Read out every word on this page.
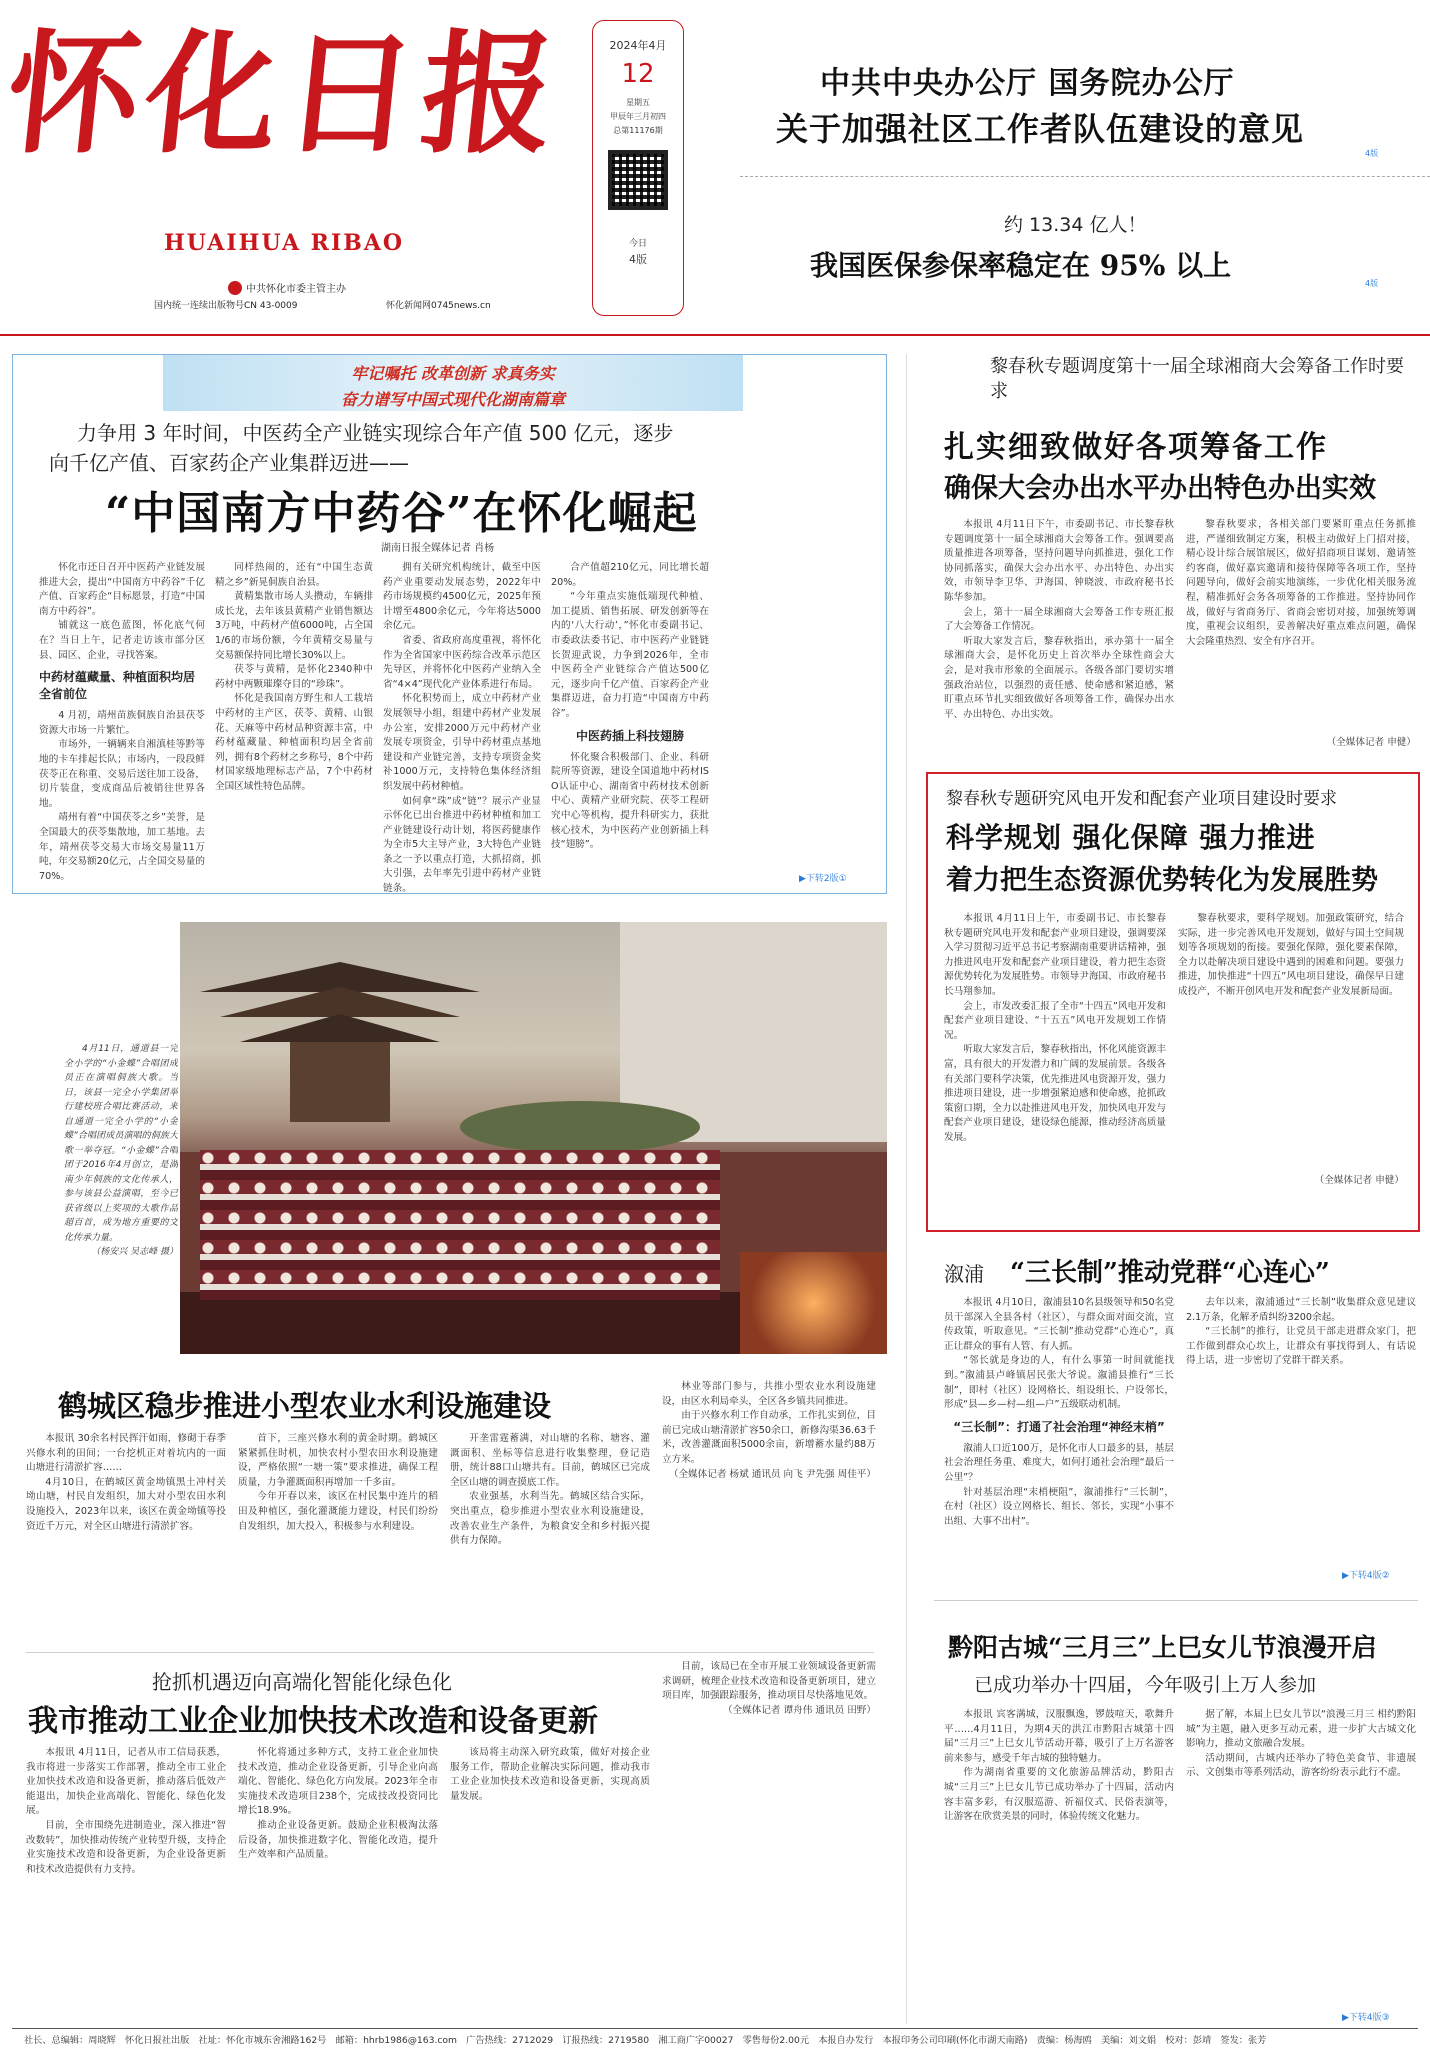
怀化日报
HUAIHUA RIBAO
中共怀化市委主管主办
国内统一连续出版物号CN 43-0009	怀化新闻网0745news.cn
2024年4月
12
星期五
甲辰年三月初四
总第11176期
今日
4版
中共中央办公厅 国务院办公厅
关于加强社区工作者队伍建设的意见
4版
约 13.34 亿人！
我国医保参保率稳定在 95% 以上
4版
牢记嘱托 改革创新 求真务实
奋力谱写中国式现代化湖南篇章
力争用 3 年时间，中医药全产业链实现综合年产值 500 亿元，逐步
向千亿产值、百家药企产业集群迈进——
“中国南方中药谷”在怀化崛起
湖南日报全媒体记者 肖杨

怀化市还日召开中医药产业链发展推进大会，提出“中国南方中药谷”千亿产值、百家药企“目标愿景，打造“中国南方中药谷”。

铺就这一底色蓝图，怀化底气何在？当日上午，记者走访该市部分区县、园区、企业，寻找答案。

中药材蕴藏量、种植面积均居全省前位

4 月初，靖州苗族侗族自治县茯苓资源大市场一片繁忙。

市场外，一辆辆来自湘滇桂等黔等地的卡车排起长队；市场内，一段段鲜茯苓正在称重、交易后送往加工设备，切片装盘，变成商品后被销往世界各地。

靖州有着“中国茯苓之乡”美誉，是全国最大的茯苓集散地，加工基地。去年，靖州茯苓交易大市场交易量11万吨，年交易额20亿元，占全国交易量的70%。

同样热闹的，还有“中国生态黄精之乡”新晃侗族自治县。

黄精集散市场人头攒动，车辆排成长龙，去年该县黄精产业销售额达3万吨，中药材产值6000吨，占全国1/6的市场份额，今年黄精交易量与交易额保持同比增长30%以上。

茯苓与黄精，是怀化2340种中药材中两颗璀璨夺目的“珍珠”。

怀化是我国南方野生和人工栽培中药材的主产区，茯苓、黄精、山银花、天麻等中药材品种资源丰富，中药材蕴藏量、种植面积均居全省前列，拥有8个药材之乡称号，8个中药材国家级地理标志产品，7个中药材全国区域性特色品牌。

拥有关研究机构统计，截至中医药产业重要动发展态势，2022年中药市场规模约4500亿元，2025年预计增至4800余亿元，今年将达5000余亿元。

省委、省政府高度重视，将怀化作为全省国家中医药综合改革示范区先导区，并将怀化中医药产业纳入全省“4×4”现代化产业体系进行布局。

怀化积势而上，成立中药材产业发展领导小组，组建中药材产业发展办公室，安排2000万元中药材产业发展专项资金，引导中药材重点基地建设和产业链完善，支持专项资金奖补1000万元，支持特色集体经济组织发展中药材种植。

如何拿“珠”成“链”？展示产业显示怀化已出台推进中药材种植和加工产业链建设行动计划，将医药健康作为全市5大主导产业，3大特色产业链条之一予以重点打造，大抓招商，抓大引强，去年率先引进中药材产业链链条。

合产值超210亿元，同比增长超20%。

“今年重点实施低端现代种植、加工提质、销售拓展、研发创新等在内的‘八大行动’，”怀化市委副书记、市委政法委书记、市中医药产业链链长贺迎武说，力争到2026年，全市中医药全产业链综合产值达500亿元，逐步向千亿产值、百家药企产业集群迈进，奋力打造“中国南方中药谷”。

中医药插上科技翅膀

怀化聚合积极部门、企业、科研院所等资源，建设全国道地中药材ISO认证中心、湖南省中药材技术创新中心、黄精产业研究院、茯苓工程研究中心等机构，提升科研实力，获批核心技术，为中医药产业创新插上科技“翅膀”。

▶下转2版①

4月11日，通道县一完全小学的“小金蝶”合唱团成员正在演唱侗族大歌。当日，该县一完全小学集团举行建校班合唱比赛活动，来自通道一完全小学的“小金蝶”合唱团成员演唱的侗族大歌一举夺冠。“小金蝶”合唱团于2016年4月创立，是湖南少年侗族的文化传承人，参与该县公益演唱，至今已获省级以上奖项的大歌作品超百首，成为地方重要的文化传承力量。

（杨安兴 吴志峰 摄）

黎春秋专题调度第十一届全球湘商大会筹备工作时要求
扎实细致做好各项筹备工作
确保大会办出水平办出特色办出实效

本报讯 4月11日下午，市委副书记、市长黎春秋专题调度第十一届全球湘商大会筹备工作。强调要高质量推进各项筹备，坚持问题导向抓推进，强化工作协同抓落实，确保大会办出水平、办出特色、办出实效，市领导李卫华、尹海国、钟晓波、市政府秘书长陈华参加。

会上，第十一届全球湘商大会筹备工作专班汇报了大会筹备工作情况。

听取大家发言后，黎春秋指出，承办第十一届全球湘商大会，是怀化历史上首次举办全球性商会大会，是对我市形象的全面展示。各级各部门要切实增强政治站位，以强烈的责任感、使命感和紧迫感，紧盯重点环节扎实细致做好各项筹备工作，确保办出水平、办出特色、办出实效。

黎春秋要求，各相关部门要紧盯重点任务抓推进，严谨细致制定方案，积极主动做好上门招对接，精心设计综合展馆展区，做好招商项目谋划、邀请签约客商，做好嘉宾邀请和接待保障等各项工作，坚持问题导向，做好会前实地演练，一步优化相关服务流程，精准抓好会务各项筹备的工作推进。坚持协同作战，做好与省商务厅、省商会密切对接，加强统筹调度，重视会议组织，妥善解决好重点难点问题，确保大会隆重热烈、安全有序召开。

（全媒体记者 申健）

黎春秋专题研究风电开发和配套产业项目建设时要求
科学规划 强化保障 强力推进
着力把生态资源优势转化为发展胜势

本报讯 4月11日上午，市委副书记、市长黎春秋专题研究风电开发和配套产业项目建设，强调要深入学习贯彻习近平总书记考察湖南重要讲话精神，强力推进风电开发和配套产业项目建设，着力把生态资源优势转化为发展胜势。市领导尹海国、市政府秘书长马翔参加。

会上，市发改委汇报了全市“十四五”风电开发和配套产业项目建设、“十五五”风电开发规划工作情况。

听取大家发言后，黎春秋指出，怀化风能资源丰富，具有很大的开发潜力和广阔的发展前景。各级各有关部门要科学决策，优先推进风电资源开发，强力推进项目建设，进一步增强紧迫感和使命感，抢抓政策窗口期，全力以赴推进风电开发，加快风电开发与配套产业项目建设，建设绿色能源，推动经济高质量发展。

黎春秋要求，要科学规划。加强政策研究，结合实际，进一步完善风电开发规划，做好与国土空间规划等各项规划的衔接。要强化保障，强化要素保障，全力以赴解决项目建设中遇到的困难和问题。要强力推进，加快推进“十四五”风电项目建设，确保早日建成投产，不断开创风电开发和配套产业发展新局面。

（全媒体记者 申健）

溆浦 “三长制”推动党群“心连心”

本报讯 4月10日，溆浦县10名县级领导和50名党员干部深入全县各村（社区），与群众面对面交流，宣传政策，听取意见。“三长制”推动党群“心连心”，真正让群众的事有人管、有人抓。

“邻长就是身边的人，有什么事第一时间就能找到。”溆浦县卢峰镇居民张大爷说。溆浦县推行“三长制”，即村（社区）设网格长、组设组长、户设邻长，形成“县—乡—村—组—户”五级联动机制。

“三长制”：打通了社会治理“神经末梢”

溆浦人口近100万，是怀化市人口最多的县，基层社会治理任务重、难度大，如何打通社会治理“最后一公里”？

针对基层治理“末梢梗阻”，溆浦推行“三长制”，在村（社区）设立网格长、组长、邻长，实现“小事不出组、大事不出村”。

去年以来，溆浦通过“三长制”收集群众意见建议2.1万条，化解矛盾纠纷3200余起。

“三长制”的推行，让党员干部走进群众家门，把工作做到群众心坎上，让群众有事找得到人、有话说得上话，进一步密切了党群干群关系。

▶下转4版②
黔阳古城“三月三”上巳女儿节浪漫开启
已成功举办十四届，今年吸引上万人参加

本报讯 宾客满城，汉服飘逸，锣鼓喧天，歌舞升平……4月11日，为期4天的洪江市黔阳古城第十四届“三月三”上巳女儿节活动开幕，吸引了上万名游客前来参与，感受千年古城的独特魅力。

作为湖南省重要的文化旅游品牌活动，黔阳古城“三月三”上巳女儿节已成功举办了十四届，活动内容丰富多彩，有汉服巡游、祈福仪式、民俗表演等，让游客在欣赏美景的同时，体验传统文化魅力。

据了解，本届上巳女儿节以“浪漫三月三 相约黔阳城”为主题，融入更多互动元素，进一步扩大古城文化影响力，推动文旅融合发展。

活动期间，古城内还举办了特色美食节、非遗展示、文创集市等系列活动，游客纷纷表示此行不虚。

▶下转4版③
鹤城区稳步推进小型农业水利设施建设

本报讯 30余名村民挥汗如雨，修砌于春季兴修水利的田间；一台挖机正对着坑内的一面山塘进行清淤扩容……

4月10日，在鹤城区黄金坳镇黑土冲村关坳山塘，村民自发组织，加大对小型农田水利设施投入，2023年以来，该区在黄金坳镇等投资近千万元，对全区山塘进行清淤扩容。

首下，三座兴修水利的黄金时期。鹤城区紧紧抓住时机，加快农村小型农田水利设施建设，严格依照“一塘一策”要求推进，确保工程质量，力争灌溉面积再增加一千多亩。

今年开春以来，该区在村民集中连片的稻田及种植区，强化灌溉能力建设，村民们纷纷自发组织，加大投入，积极参与水利建设。

开垄雷霆蓄满，对山塘的名称、塘容、灌溉面积、坐标等信息进行收集整理，登记造册，统计88口山塘共有。目前，鹤城区已完成全区山塘的调查摸底工作。

农业强基，水利当先。鹤城区结合实际，突出重点，稳步推进小型农业水利设施建设，改善农业生产条件，为粮食安全和乡村振兴提供有力保障。

林业等部门参与，共推小型农业水利设施建设，由区水利局牵头，全区各乡镇共同推进。

由于兴修水利工作自动承，工作扎实到位，目前已完成山塘清淤扩容50余口，新修沟渠36.63千米，改善灌溉面积5000余亩，新增蓄水量约88万立方米。

（全媒体记者 杨斌 通讯员 向飞 尹先强 周佳平）

抢抓机遇迈向高端化智能化绿色化
我市推动工业企业加快技术改造和设备更新

本报讯 4月11日，记者从市工信局获悉，我市将进一步落实工作部署，推动全市工业企业加快技术改造和设备更新，推动落后低效产能退出，加快企业高端化、智能化、绿色化发展。

目前，全市围绕先进制造业，深入推进“智改数转”，加快推动传统产业转型升级，支持企业实施技术改造和设备更新，为企业设备更新和技术改造提供有力支持。

怀化将通过多种方式，支持工业企业加快技术改造，推动企业设备更新，引导企业向高端化、智能化、绿色化方向发展。2023年全市实施技术改造项目238个，完成技改投资同比增长18.9%。

推动企业设备更新。鼓励企业积极淘汰落后设备，加快推进数字化、智能化改造，提升生产效率和产品质量。

该局将主动深入研究政策，做好对接企业服务工作，帮助企业解决实际问题，推动我市工业企业加快技术改造和设备更新，实现高质量发展。

目前，该局已在全市开展工业领域设备更新需求调研，梳理企业技术改造和设备更新项目，建立项目库，加强跟踪服务，推动项目尽快落地见效。

（全媒体记者 谭舟伟 通讯员 田野）

社长、总编辑：周晓辉　怀化日报社出版　社址：怀化市城东舍湘路162号　邮箱：hhrb1986@163.com　广告热线：2712029　订报热线：2719580　湘工商广字00027　零售每份2.00元　本报自办发行　本报印务公司印刷(怀化市湖天南路)　责编：杨海鸥　美编：刘文娟　校对：彭靖　签发：张芳
